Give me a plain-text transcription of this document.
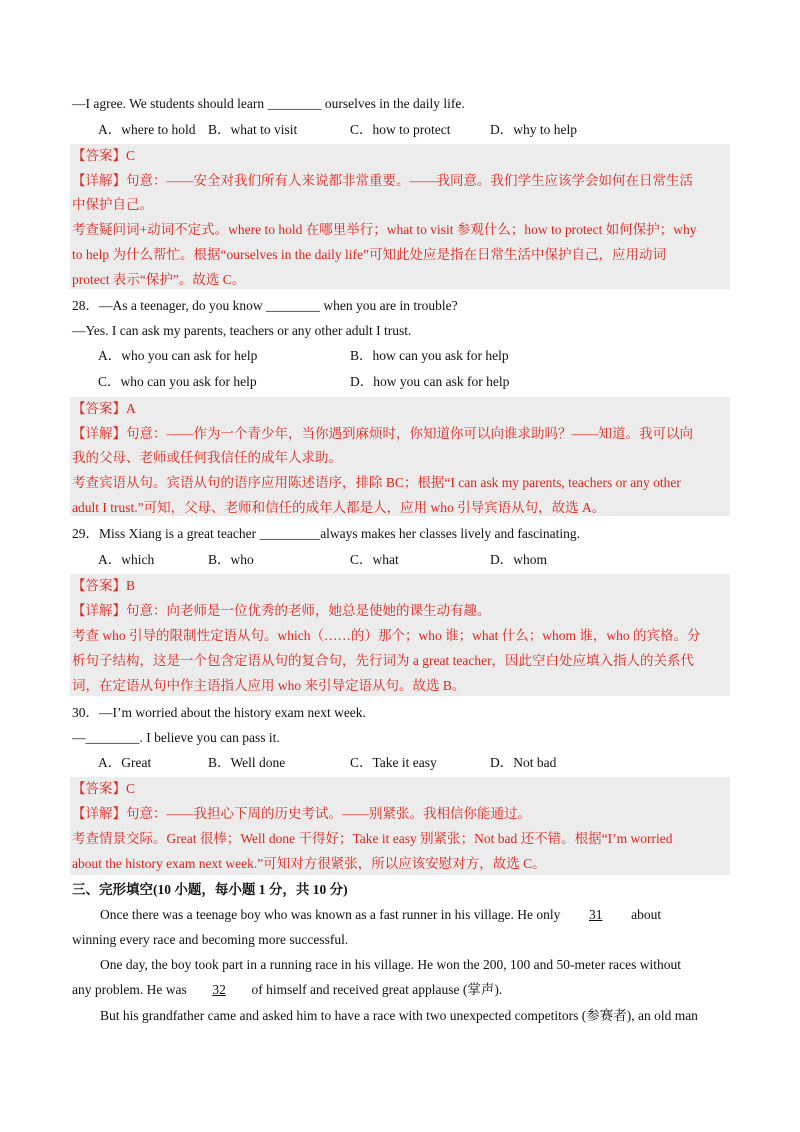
—I agree. We students should learn ________ ourselves in the daily life.
A．where to hold B．what to visit	C．how to protect	D．why to help
【答案】C
【详解】句意：——安全对我们所有人来说都非常重要。——我同意。我们学生应该学会如何在日常生活
中保护自己。
考查疑问词+动词不定式。where to hold 在哪里举行；what to visit 参观什么；how to protect 如何保护；why
to help 为什么帮忙。根据“ourselves in the daily life”可知此处应是指在日常生活中保护自己，应用动词
protect 表示“保护”。故选 C。
28．—As a teenager, do you know ________ when you are in trouble?
—Yes. I can ask my parents, teachers or any other adult I trust.
A．who you can ask for help	B．how can you ask for help
C．who can you ask for help	D．how you can ask for help
【答案】A
【详解】句意：——作为一个青少年，当你遇到麻烦时，你知道你可以向谁求助吗？——知道。我可以向
我的父母、老师或任何我信任的成年人求助。
考查宾语从句。宾语从句的语序应用陈述语序，排除 BC；根据“I can ask my parents, teachers or any other
adult I trust.”可知，父母、老师和信任的成年人都是人，应用 who 引导宾语从句，故选 A。
29．Miss Xiang is a great teacher _________always makes her classes lively and fascinating.
A．which	B．who	C．what	D．whom
【答案】B
【详解】句意：向老师是一位优秀的老师，她总是使她的课生动有趣。
考查 who 引导的限制性定语从句。which（……的）那个；who 谁；what 什么；whom 谁，who 的宾格。分
析句子结构，这是一个包含定语从句的复合句，先行词为 a great teacher，因此空白处应填入指人的关系代
词，在定语从句中作主语指人应用 who 来引导定语从句。故选 B。
30．—I’m worried about the history exam next week.
—________. I believe you can pass it.
A．Great	B．Well done	C．Take it easy	D．Not bad
【答案】C
【详解】句意：——我担心下周的历史考试。——别紧张。我相信你能通过。
考查情景交际。Great 很棒；Well done 干得好；Take it easy 别紧张；Not bad 还不错。根据“I’m worried
about the history exam next week.”可知对方很紧张，所以应该安慰对方，故选 C。
三、完形填空(10 小题，每小题 1 分，共 10 分)
Once there was a teenage boy who was known as a fast runner in his village. He only 31 about
winning every race and becoming more successful.
One day, the boy took part in a running race in his village. He won the 200, 100 and 50-meter races without
any problem. He was 32 of himself and received great applause (掌声).
But his grandfather came and asked him to have a race with two unexpected competitors (参赛者), an old man
